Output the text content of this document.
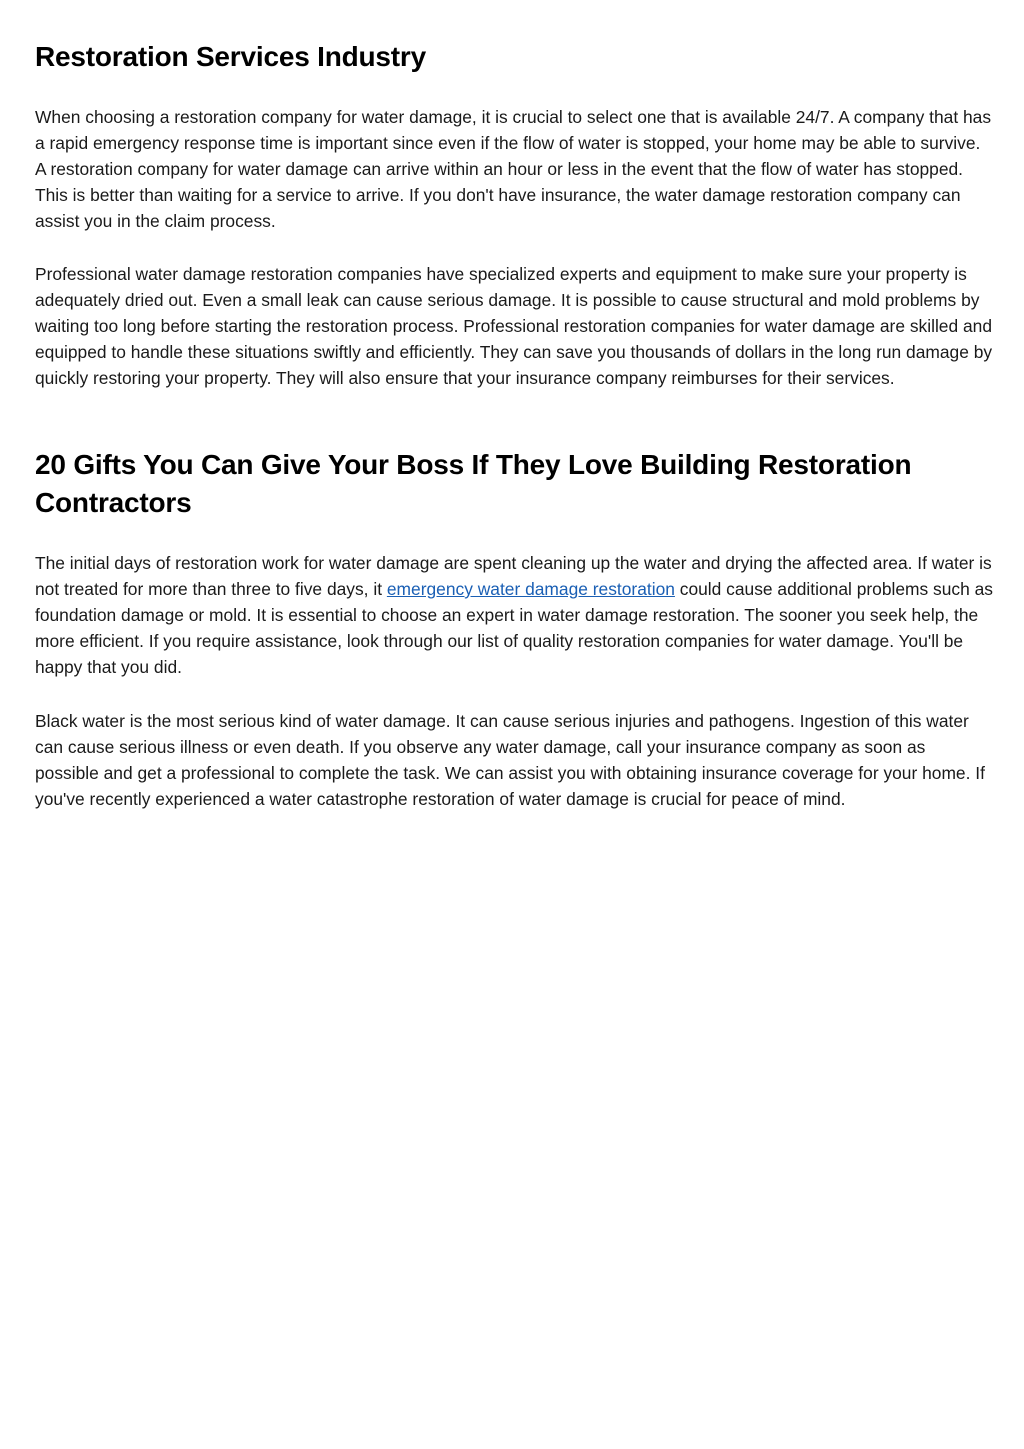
Restoration Services Industry

When choosing a restoration company for water damage, it is crucial to select one that is available 24/7. A company that has a rapid emergency response time is important since even if the flow of water is stopped, your home may be able to survive. A restoration company for water damage can arrive within an hour or less in the event that the flow of water has stopped. This is better than waiting for a service to arrive. If you don't have insurance, the water damage restoration company can assist you in the claim process.

Professional water damage restoration companies have specialized experts and equipment to make sure your property is adequately dried out. Even a small leak can cause serious damage. It is possible to cause structural and mold problems by waiting too long before starting the restoration process. Professional restoration companies for water damage are skilled and equipped to handle these situations swiftly and efficiently. They can save you thousands of dollars in the long run damage by quickly restoring your property. They will also ensure that your insurance company reimburses for their services.

20 Gifts You Can Give Your Boss If They Love Building Restoration Contractors

The initial days of restoration work for water damage are spent cleaning up the water and drying the affected area. If water is not treated for more than three to five days, it emergency water damage restoration could cause additional problems such as foundation damage or mold. It is essential to choose an expert in water damage restoration. The sooner you seek help, the more efficient. If you require assistance, look through our list of quality restoration companies for water damage. You'll be happy that you did.

Black water is the most serious kind of water damage. It can cause serious injuries and pathogens. Ingestion of this water can cause serious illness or even death. If you observe any water damage, call your insurance company as soon as possible and get a professional to complete the task. We can assist you with obtaining insurance coverage for your home. If you've recently experienced a water catastrophe restoration of water damage is crucial for peace of mind.
